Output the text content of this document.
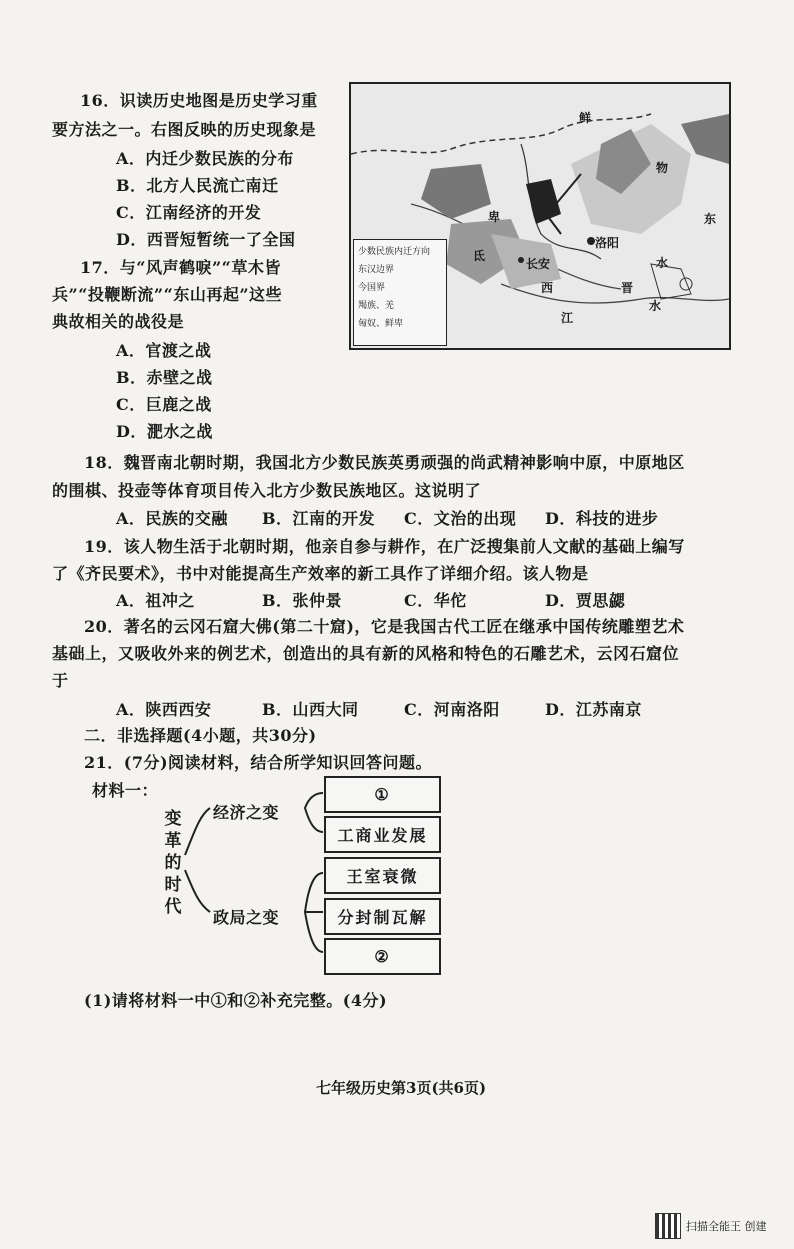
16．识读历史地图是历史学习重
要方法之一。右图反映的历史现象是
A．内迁少数民族的分布
B．北方人民流亡南迁
C．江南经济的开发
D．西晋短暂统一了全国
鲜
物
东
洛阳
长安
西	晋
江
水
水
卑
氐
少数民族内迁方向
东汉边界
今国界
羯族、羌
匈奴、鲜卑
17．与“风声鹤唳”“草木皆
兵”“投鞭断流”“东山再起”这些
典故相关的战役是
A．官渡之战
B．赤壁之战
C．巨鹿之战
D．淝水之战
18．魏晋南北朝时期，我国北方少数民族英勇顽强的尚武精神影响中原，中原地区
的围棋、投壶等体育项目传入北方少数民族地区。这说明了
A．民族的交融 B．江南的开发 C．文治的出现 D．科技的进步
19．该人物生活于北朝时期，他亲自参与耕作，在广泛搜集前人文献的基础上编写
了《齐民要术》，书中对能提高生产效率的新工具作了详细介绍。该人物是
A．祖冲之	B．张仲景	C．华佗	D．贾思勰
20．著名的云冈石窟大佛(第二十窟)，它是我国古代工匠在继承中国传统雕塑艺术
基础上，又吸收外来的例艺术，创造出的具有新的风格和特色的石雕艺术，云冈石窟位
于
A．陕西西安	B．山西大同	C．河南洛阳	D．江苏南京
二．非选择题(4小题，共30分)
21．(7分)阅读材料，结合所学知识回答问题。
材料一：
变革的时代
经济之变
政局之变
①
工商业发展
王室衰微
分封制瓦解
②
(1)请将材料一中①和②补充完整。(4分)
七年级历史第3页(共6页)
扫描全能王 创建
